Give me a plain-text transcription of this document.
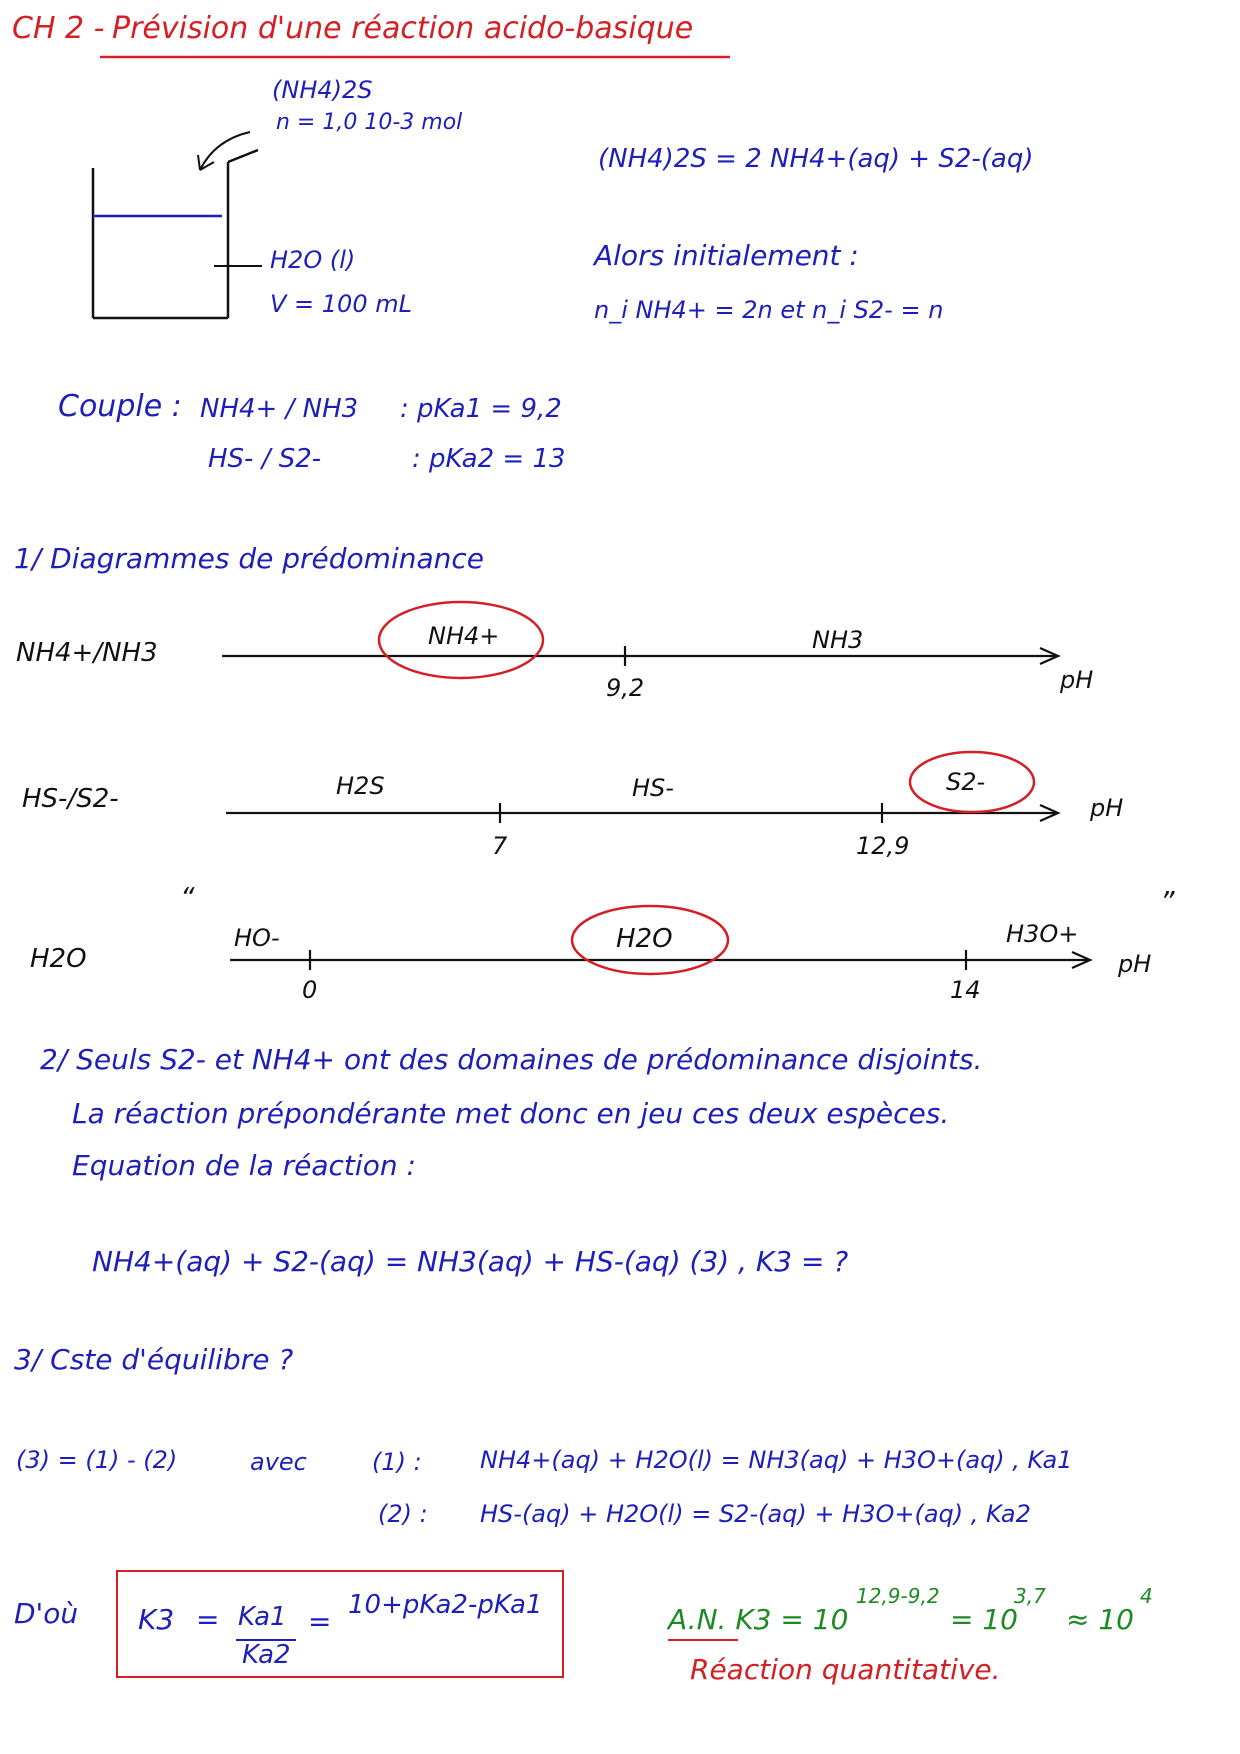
CH 2 - Prévision d'une réaction acido-basique
(NH4)2S
n = 1,0 10-3 mol
H2O (l)
V = 100 mL
(NH4)2S = 2 NH4+(aq) + S2-(aq)
Alors initialement :
n_i NH4+ = 2n et n_i S2- = n
Couple : NH4+ / NH3 : pKa1 = 9,2
HS- / S2-	: pKa2 = 13
1/ Diagrammes de prédominance
NH4+/NH3
NH4+	NH3
9,2	pH
HS-/S2-	H2S	HS-	S2-
7	12,9
pH
“	”
H2O
HO-	H2O	H3O+
0	14
pH
2/ Seuls S2- et NH4+ ont des domaines de prédominance disjoints.
La réaction prépondérante met donc en jeu ces deux espèces.
Equation de la réaction :
NH4+(aq) + S2-(aq) = NH3(aq) + HS-(aq) (3) , K3 = ?
3/ Cste d'équilibre ?
(3) = (1) - (2)	avec	(1) : NH4+(aq) + H2O(l) = NH3(aq) + H3O+(aq) , Ka1
(2) : HS-(aq) + H2O(l) = S2-(aq) + H3O+(aq) , Ka2
D'où K3 = Ka1
Ka2
= 10+pKa2-pKa1	A.N. K3 = 10
12,9-9,2
= 10
3,7
≈ 10
4
Réaction quantitative.
